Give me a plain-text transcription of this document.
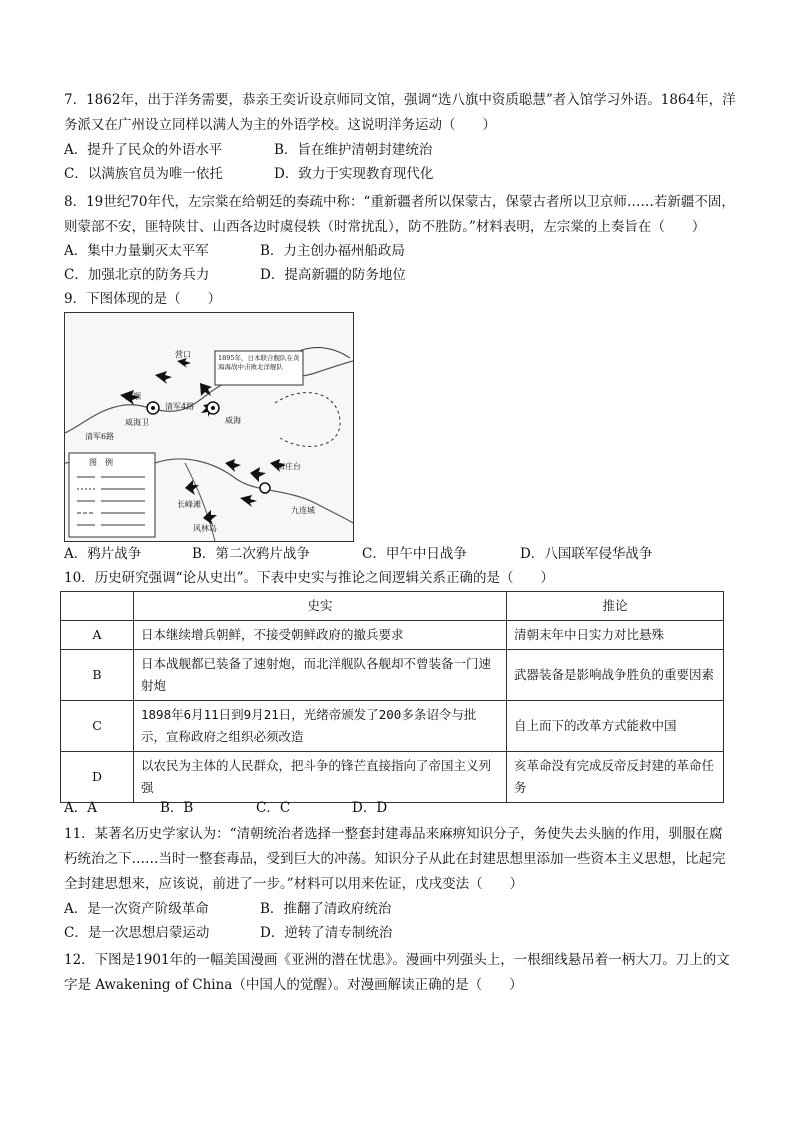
7．1862年，出于洋务需要，恭亲王奕䜣设京师同文馆，强调“选八旗中资质聪慧”者入馆学习外语。1864年，洋务派又在广州设立同样以满人为主的外语学校。这说明洋务运动（　　）
A．提升了民众的外语水平	B．旨在维护清朝封建统治
C．以满族官员为唯一依托	D．致力于实现教育现代化
8．19世纪70年代，左宗棠在给朝廷的奏疏中称：“重新疆者所以保蒙古，保蒙古者所以卫京师……若新疆不固，则蒙部不安，匪特陕甘、山西各边时虞侵轶（时常扰乱），防不胜防。”材料表明，左宗棠的上奏旨在（　　）
A．集中力量剿灭太平军	B．力主创办福州船政局
C．加强北京的防务兵力	D．提高新疆的防务地位
9．下图体现的是（　　）
营口
清军6路
旅顺
威海卫
清军4路
威海
长峰滩
风林岛
田庄台
九连城
1895年，日本联合舰队在黄海海战中击败北洋舰队
图　例
A．鸦片战争	B．第二次鸦片战争	C．甲午中日战争	D．八国联军侵华战争
10．历史研究强调“论从史出”。下表中史实与推论之间逻辑关系正确的是（　　）
	史实	推论
A	日本继续增兵朝鲜，不接受朝鲜政府的撤兵要求	清朝末年中日实力对比悬殊
B	日本战舰都已装备了速射炮，而北洋舰队各舰却不曾装备一门速射炮	武器装备是影响战争胜负的重要因素
C	1898年6月11日到9月21日，光绪帝颁发了200多条诏令与批示，宣称政府之组织必须改造	自上而下的改革方式能救中国
D	以农民为主体的人民群众，把斗争的锋芒直接指向了帝国主义列强	亥革命没有完成反帝反封建的革命任务
A．A	B．B	C．C	D．D
11．某著名历史学家认为：“清朝统治者选择一整套封建毒品来麻痹知识分子，务使失去头脑的作用，驯服在腐朽统治之下……当时一整套毒品，受到巨大的冲荡。知识分子从此在封建思想里添加一些资本主义思想，比起完全封建思想来，应该说，前进了一步。”材料可以用来佐证，戊戌变法（　　）
A．是一次资产阶级革命	B．推翻了清政府统治
C．是一次思想启蒙运动	D．逆转了清专制统治
12．下图是1901年的一幅美国漫画《亚洲的潜在忧患》。漫画中列强头上，一根细线悬吊着一柄大刀。刀上的文字是 Awakening of China（中国人的觉醒）。对漫画解读正确的是（　　）
